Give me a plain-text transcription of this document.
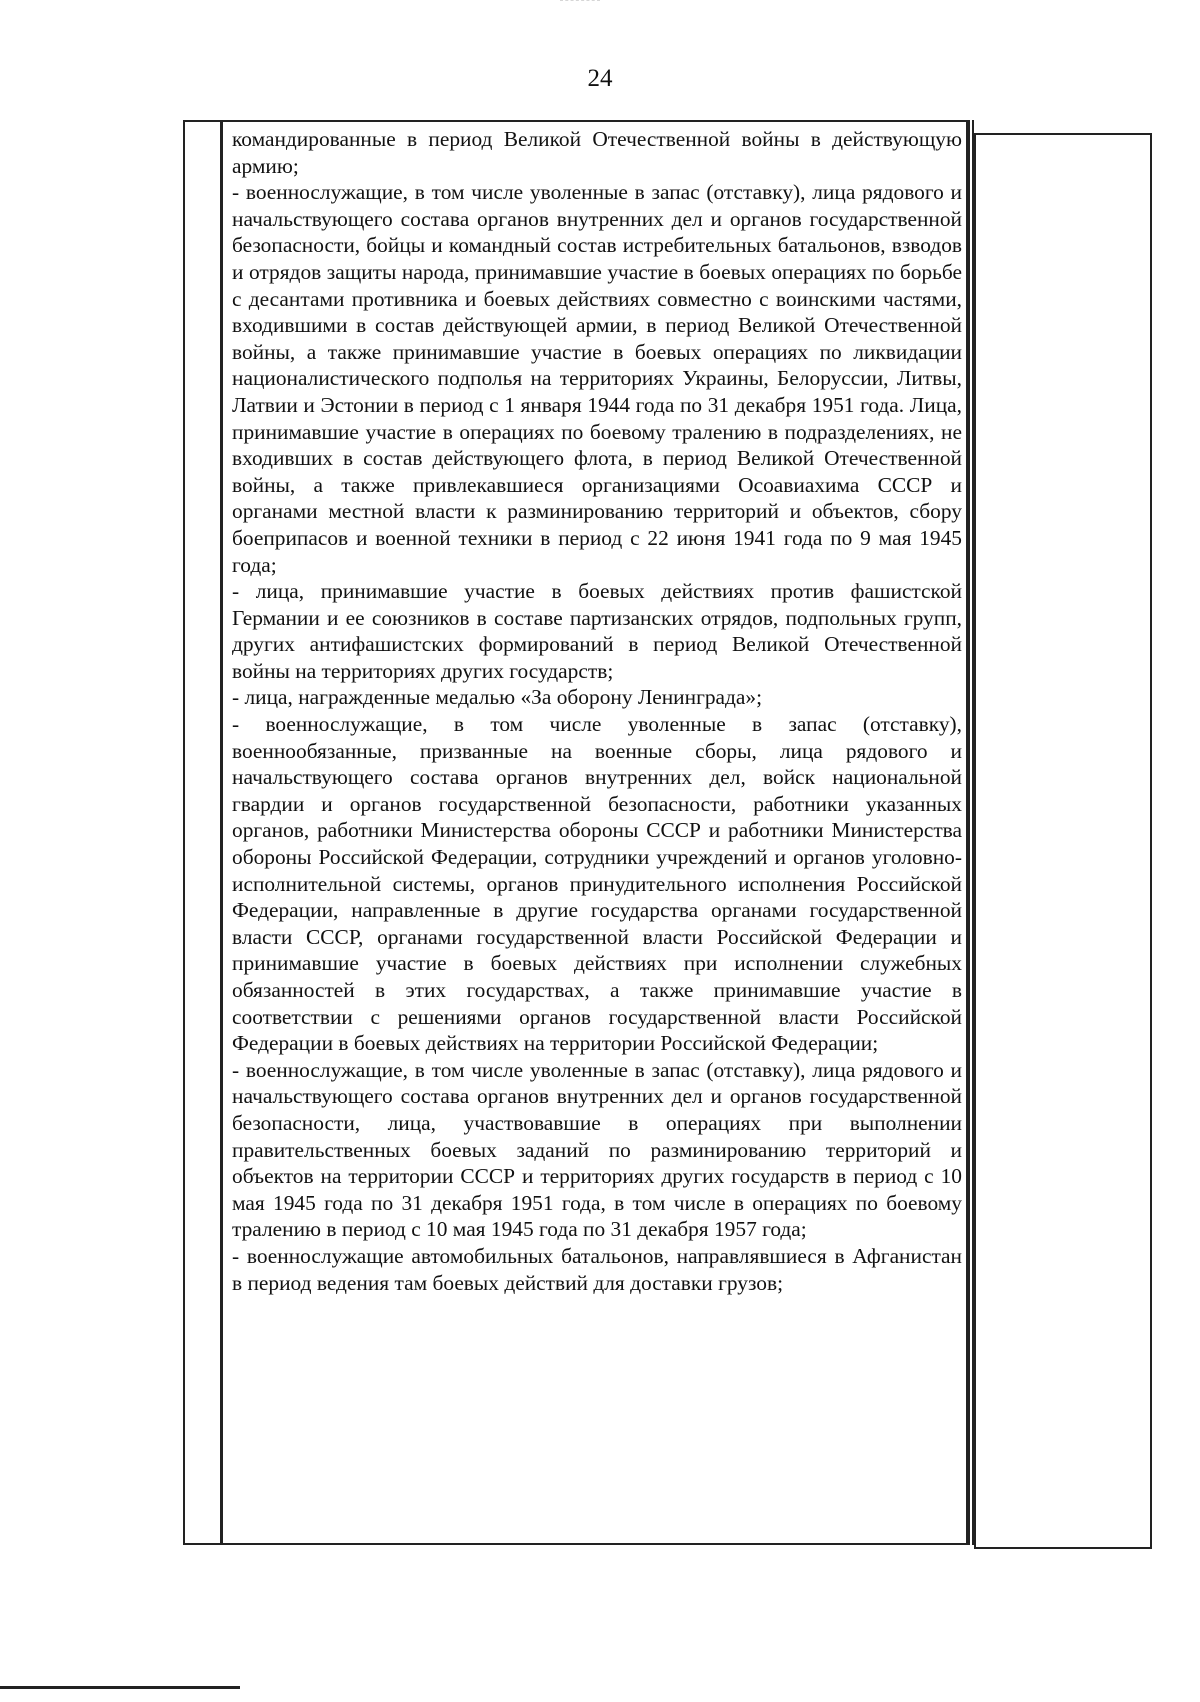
24

командированные в период Великой Отечественной войны в действующую армию;

- военнослужащие, в том числе уволенные в запас (отставку), лица рядового и начальствующего состава органов внутренних дел и органов государственной безопасности, бойцы и командный состав истребительных батальонов, взводов и отрядов защиты народа, принимавшие участие в боевых операциях по борьбе с десантами противника и боевых действиях совместно с воинскими частями, входившими в состав действующей армии, в период Великой Отечественной войны, а также принимавшие участие в боевых операциях по ликвидации националистического подполья на территориях Украины, Белоруссии, Литвы, Латвии и Эстонии в период с 1 января 1944 года по 31 декабря 1951 года. Лица, принимавшие участие в операциях по боевому тралению в подразделениях, не входивших в состав действующего флота, в период Великой Отечественной войны, а также привлекавшиеся организациями Осоавиахима СССР и органами местной власти к разминированию территорий и объектов, сбору боеприпасов и военной техники в период с 22 июня 1941 года по 9 мая 1945 года;

- лица, принимавшие участие в боевых действиях против фашистской Германии и ее союзников в составе партизанских отрядов, подпольных групп, других антифашистских формирований в период Великой Отечественной войны на территориях других государств;

- лица, награжденные медалью «За оборону Ленинграда»;

- военнослужащие, в том числе уволенные в запас (отставку), военнообязанные, призванные на военные сборы, лица рядового и начальствующего состава органов внутренних дел, войск национальной гвардии и органов государственной безопасности, работники указанных органов, работники Министерства обороны СССР и работники Министерства обороны Российской Федерации, сотрудники учреждений и органов уголовно-исполнительной системы, органов принудительного исполнения Российской Федерации, направленные в другие государства органами государственной власти СССР, органами государственной власти Российской Федерации и принимавшие участие в боевых действиях при исполнении служебных обязанностей в этих государствах, а также принимавшие участие в соответствии с решениями органов государственной власти Российской Федерации в боевых действиях на территории Российской Федерации;

- военнослужащие, в том числе уволенные в запас (отставку), лица рядового и начальствующего состава органов внутренних дел и органов государственной безопасности, лица, участвовавшие в операциях при выполнении правительственных боевых заданий по разминированию территорий и объектов на территории СССР и территориях других государств в период с 10 мая 1945 года по 31 декабря 1951 года, в том числе в операциях по боевому тралению в период с 10 мая 1945 года по 31 декабря 1957 года;

- военнослужащие автомобильных батальонов, направлявшиеся в Афганистан в период ведения там боевых действий для доставки грузов;
